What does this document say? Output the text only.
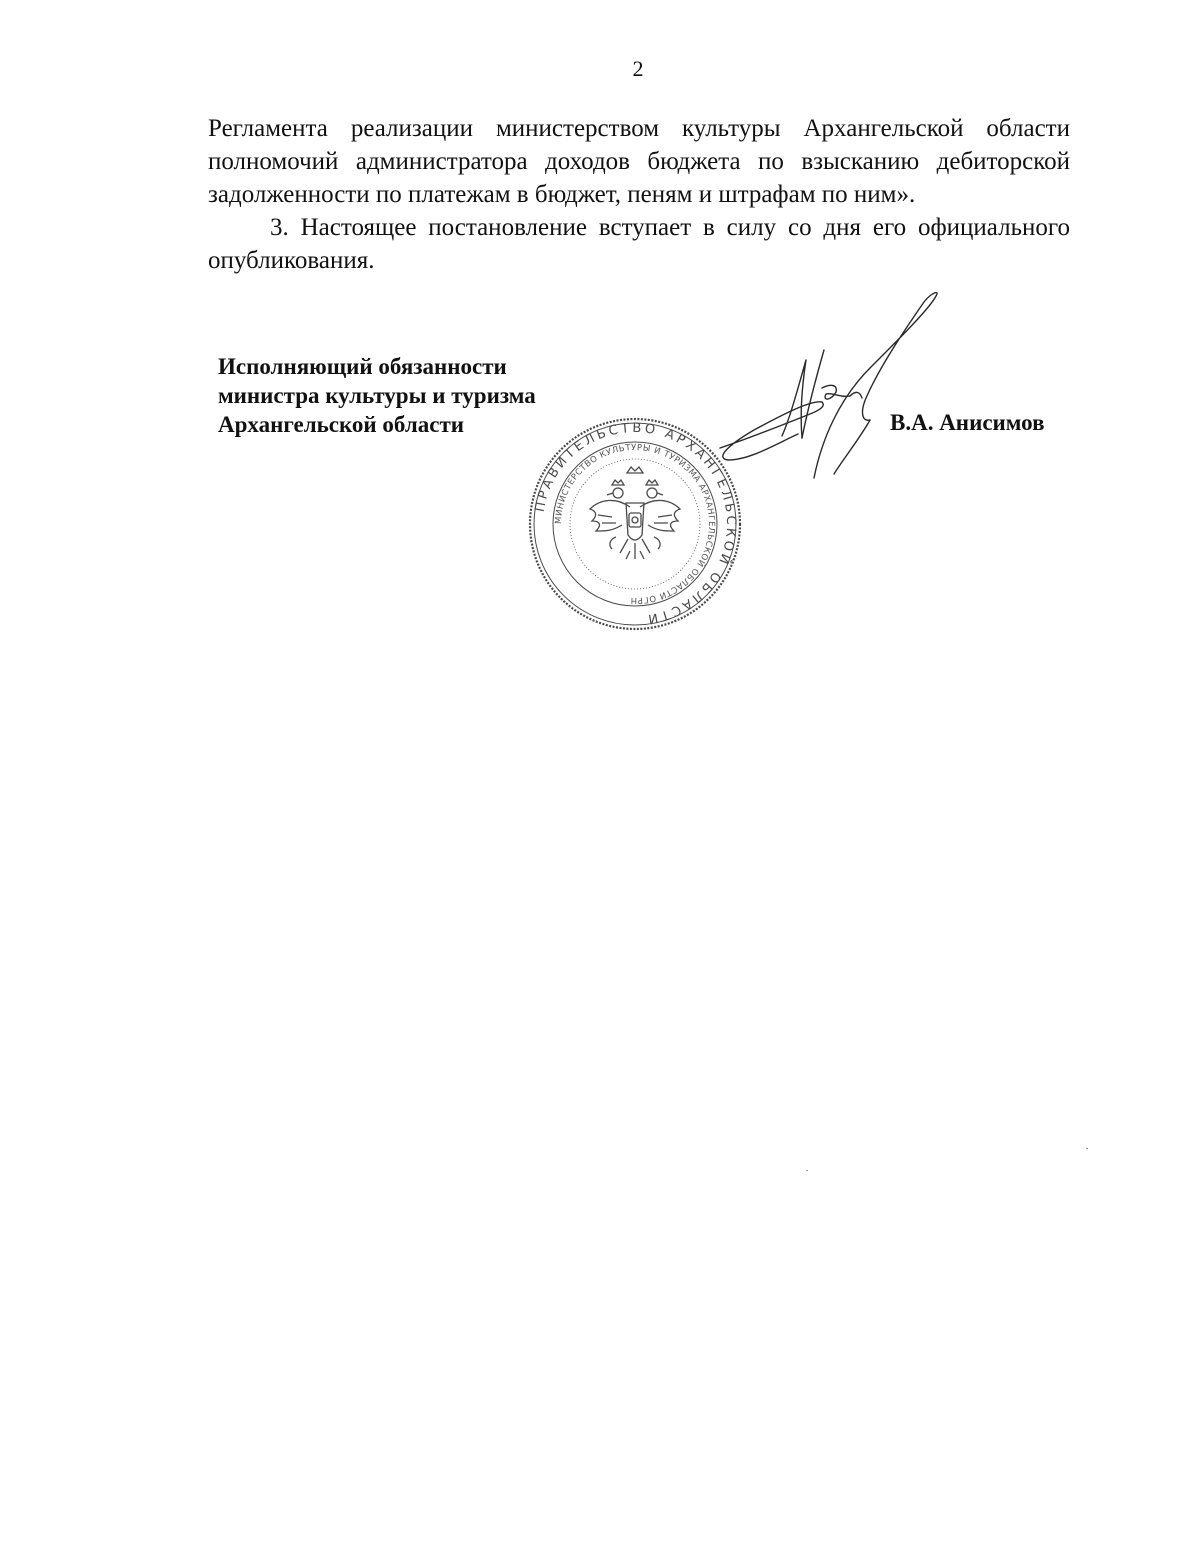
2

Регламента реализации министерством культуры Архангельской области полномочий администратора доходов бюджета по взысканию дебиторской задолженности по платежам в бюджет, пеням и штрафам по ним».

3. Настоящее постановление вступает в силу со дня его официального опубликования.

Исполняющий обязанности
министра культуры и туризма
Архангельской области
ПРАВИТЕЛЬСТВО АРХАНГЕЛЬСКОЙ ОБЛАСТИ
МИНИСТЕРСТВО КУЛЬТУРЫ И ТУРИЗМА АРХАНГЕЛЬСКОЙ ОБЛАСТИ ОГРН
В.А. Анисимов
